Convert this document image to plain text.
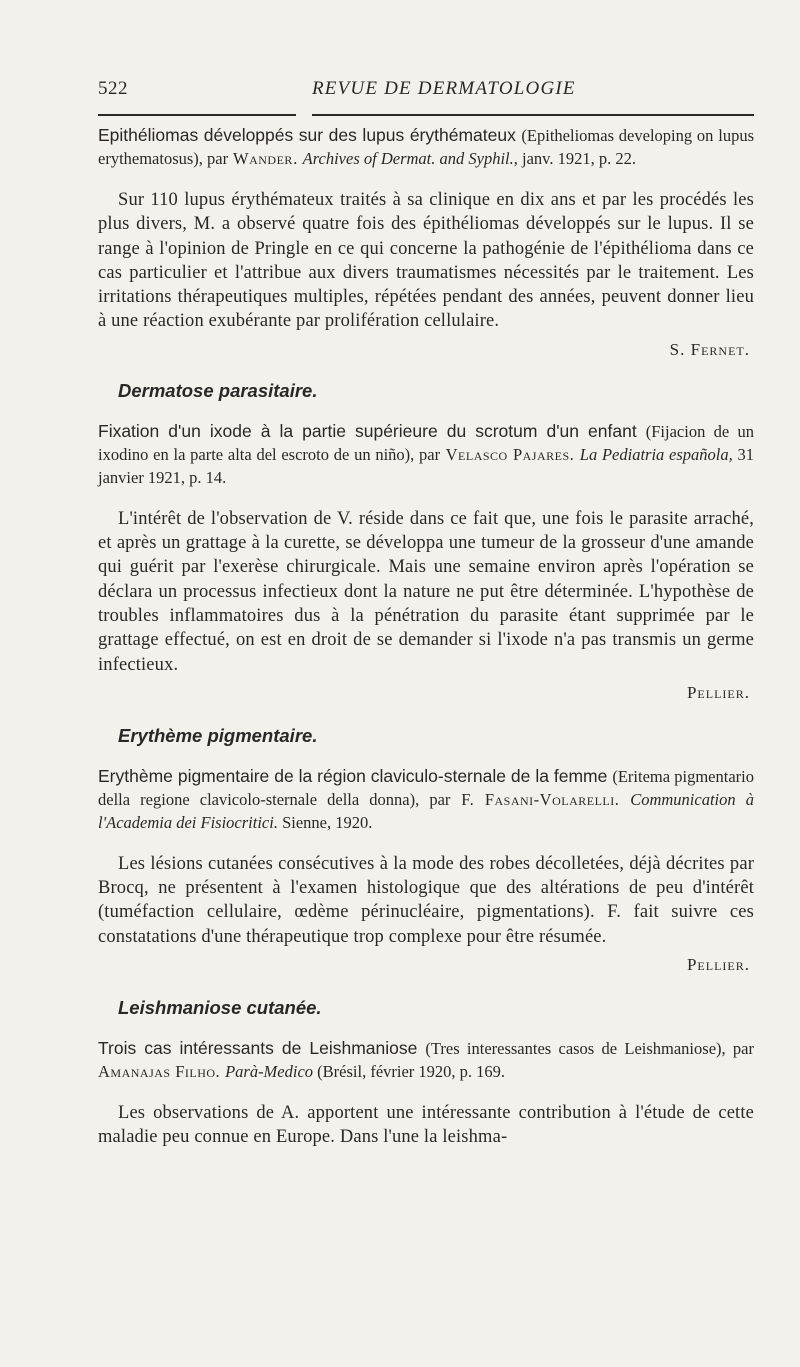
522	REVUE DE DERMATOLOGIE

Epithéliomas développés sur des lupus érythémateux (Epitheliomas developing on lupus erythematosus), par Wander. Archives of Dermat. and Syphil., janv. 1921, p. 22.

Sur 110 lupus érythémateux traités à sa clinique en dix ans et par les procédés les plus divers, M. a observé quatre fois des épithéliomas développés sur le lupus. Il se range à l'opinion de Pringle en ce qui concerne la pathogénie de l'épithélioma dans ce cas particulier et l'attribue aux divers traumatismes nécessités par le traitement. Les irritations thérapeutiques multiples, répétées pendant des années, peuvent donner lieu à une réaction exubérante par prolifération cellulaire.

S. Fernet.
Dermatose parasitaire.

Fixation d'un ixode à la partie supérieure du scrotum d'un enfant (Fijacion de un ixodino en la parte alta del escroto de un niño), par Velasco Pajares. La Pediatria española, 31 janvier 1921, p. 14.

L'intérêt de l'observation de V. réside dans ce fait que, une fois le parasite arraché, et après un grattage à la curette, se développa une tumeur de la grosseur d'une amande qui guérit par l'exerèse chirurgicale. Mais une semaine environ après l'opération se déclara un processus infectieux dont la nature ne put être déterminée. L'hypothèse de troubles inflammatoires dus à la pénétration du parasite étant supprimée par le grattage effectué, on est en droit de se demander si l'ixode n'a pas transmis un germe infectieux.

Pellier.
Erythème pigmentaire.

Erythème pigmentaire de la région claviculo-sternale de la femme (Eritema pigmentario della regione clavicolo-sternale della donna), par F. Fasani-Volarelli. Communication à l'Academia dei Fisiocritici. Sienne, 1920.

Les lésions cutanées consécutives à la mode des robes décolletées, déjà décrites par Brocq, ne présentent à l'examen histologique que des altérations de peu d'intérêt (tuméfaction cellulaire, œdème périnucléaire, pigmentations). F. fait suivre ces constatations d'une thérapeutique trop complexe pour être résumée.

Pellier.
Leishmaniose cutanée.

Trois cas intéressants de Leishmaniose (Tres interessantes casos de Leishmaniose), par Amanajas Filho. Parà-Medico (Brésil, février 1920, p. 169.

Les observations de A. apportent une intéressante contribution à l'étude de cette maladie peu connue en Europe. Dans l'une la leishma-
